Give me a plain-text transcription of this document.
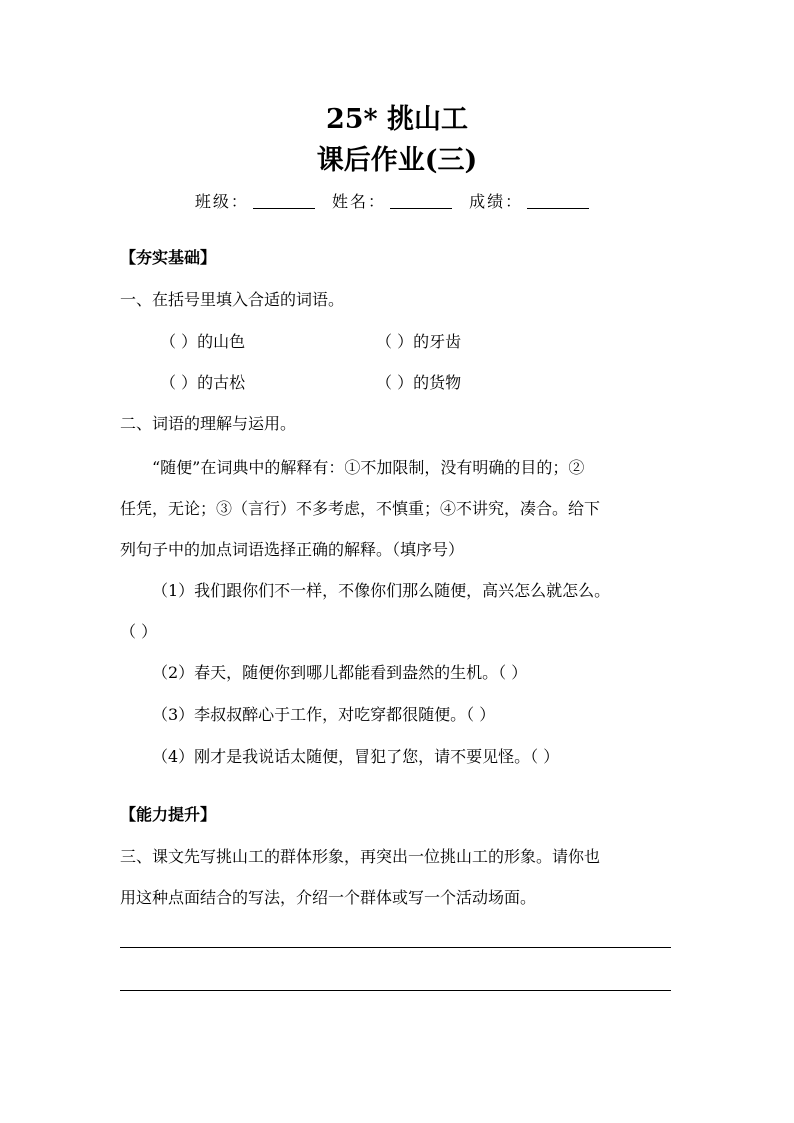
25* 挑山工
课后作业(三)
班级：	姓名：	成绩：
【夯实基础】
一、在括号里填入合适的词语。
（ ）的山色	（ ）的牙齿
（ ）的古松	（ ）的货物
二、词语的理解与运用。
“随便”在词典中的解释有：①不加限制，没有明确的目的；②
任凭，无论；③（言行）不多考虑，不慎重；④不讲究，凑合。给下
列句子中的加点词语选择正确的解释。（填序号）
（1）我们跟你们不一样，不像你们那么随便，高兴怎么就怎么。
（ ）
（2）春天，随便你到哪儿都能看到盎然的生机。（ ）
（3）李叔叔醉心于工作，对吃穿都很随便。（ ）
（4）刚才是我说话太随便，冒犯了您，请不要见怪。（ ）
【能力提升】
三、课文先写挑山工的群体形象，再突出一位挑山工的形象。请你也
用这种点面结合的写法，介绍一个群体或写一个活动场面。
